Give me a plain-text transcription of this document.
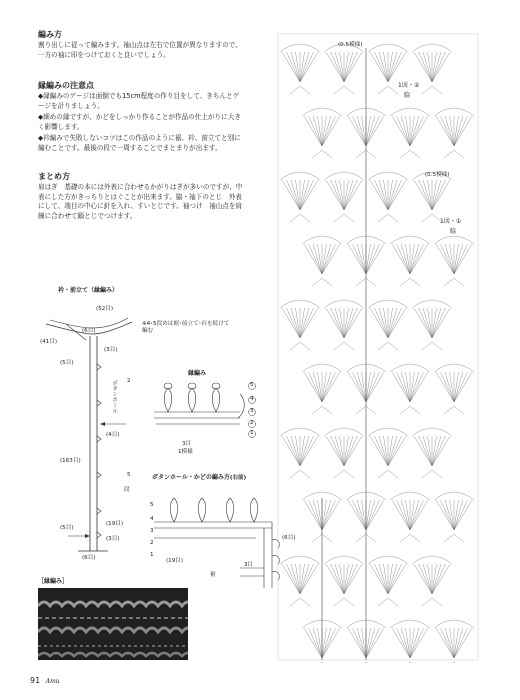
編み方
割り出しに従って編みます。袖山点は左右で位置が異なりますので、一方の袖に印をつけておくと良いでしょう。
縁編みの注意点
◆縁編みのゲージは面倒でも15cm程度の作り目をして、きちんとゲージを計りましょう。
◆細めの縁ですが、かどをしっかり作ることが作品の仕上がりに大きく影響します。
◆衿編みで失敗しないコツはこの作品のように裾、衿、前立てと別に編むことです。最後の段で一周することでまとまりが出ます。
まとめ方
肩はぎ　基礎の本には外表に合わせるかがりはぎが多いのですが、中表にした方がきっちりとはぐことが出来ます。脇・袖下のとじ　外表にして、端目の中心に針を入れ、すいとじです。袖つけ　袖山点を肩線に合わせて鎖とじでつけます。
衿・前立て（縁編み）
(52目)
(6目)
(41目)
(3目)
(5目)
※4･5段めは裾･前立て･衿を続けて編む
ボタンホール 2
5
段
(4目)
(163目)
(19目)
(5目)
(3目)
(6目)
縁編み
5
4
3
2
1
3目
1模様
ボタンホール・かどの編み方(右前)
(6目)
(19目)
3目
裾
5
4
3
2
1
［縁編み］
(0.5模様)
1図・②
脇
(0.5模様)
1図・①
脇
91 Amu
